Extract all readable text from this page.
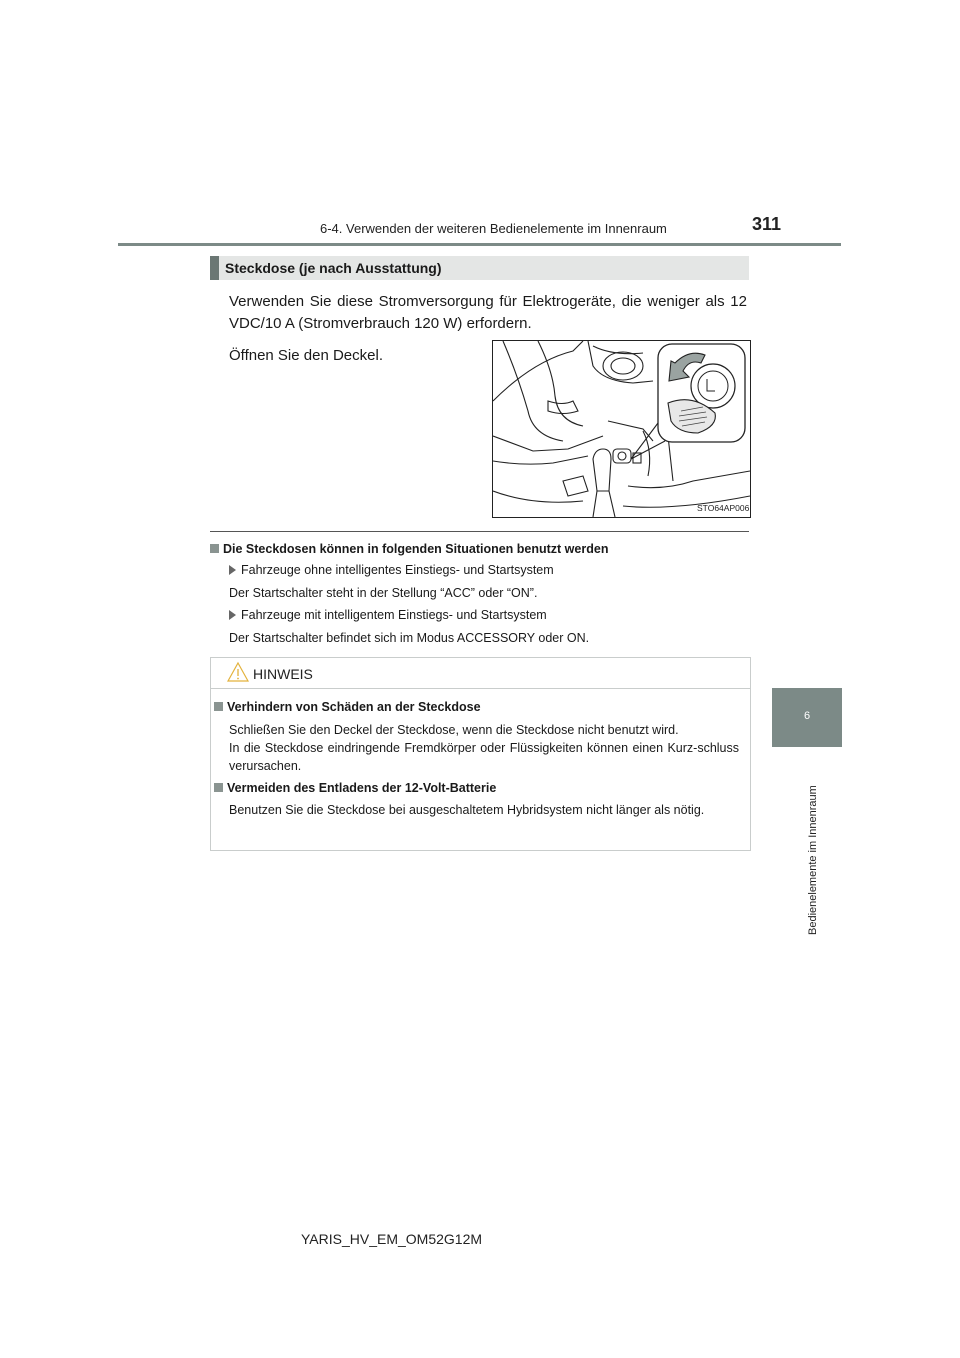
6-4. Verwenden der weiteren Bedienelemente im Innenraum	311
6
Bedienelemente im Innenraum
Steckdose (je nach Ausstattung)
Verwenden Sie diese Stromversorgung für Elektrogeräte, die weniger als 12 VDC/10 A (Stromverbrauch 120 W) erfordern.
Öffnen Sie den Deckel.
STO64AP006
Die Steckdosen können in folgenden Situationen benutzt werden
Fahrzeuge ohne intelligentes Einstiegs- und Startsystem
Der Startschalter steht in der Stellung “ACC” oder “ON”.
Fahrzeuge mit intelligentem Einstiegs- und Startsystem
Der Startschalter befindet sich im Modus ACCESSORY oder ON.
HINWEIS
Verhindern von Schäden an der Steckdose
Schließen Sie den Deckel der Steckdose, wenn die Steckdose nicht benutzt wird.
In die Steckdose eindringende Fremdkörper oder Flüssigkeiten können einen Kurz-schluss verursachen.
Vermeiden des Entladens der 12-Volt-Batterie
Benutzen Sie die Steckdose bei ausgeschaltetem Hybridsystem nicht länger als nötig.
YARIS_HV_EM_OM52G12M
